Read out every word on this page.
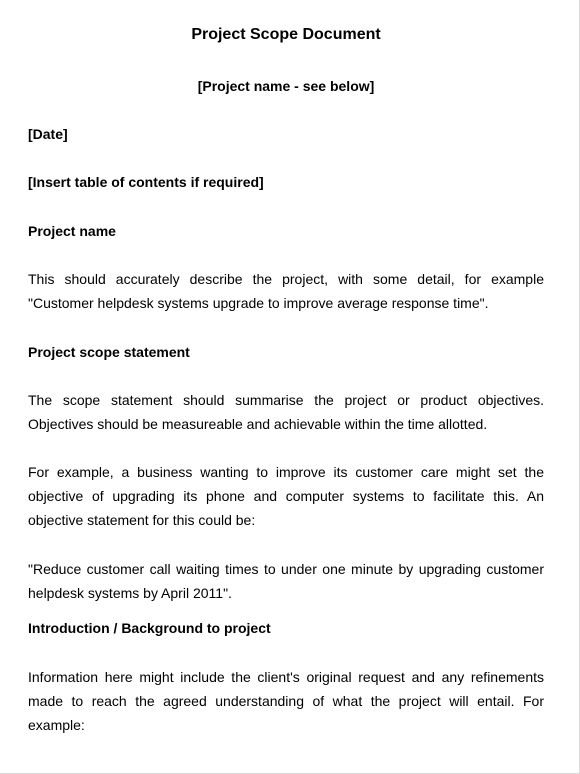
Project Scope Document
[Project name - see below]
[Date]
[Insert table of contents if required]
Project name

This should accurately describe the project, with some detail, for example "Customer helpdesk systems upgrade to improve average response time".

Project scope statement

The scope statement should summarise the project or product objectives. Objectives should be measureable and achievable within the time allotted.

For example, a business wanting to improve its customer care might set the objective of upgrading its phone and computer systems to facilitate this. An objective statement for this could be:

"Reduce customer call waiting times to under one minute by upgrading customer helpdesk systems by April 2011".

Introduction / Background to project

Information here might include the client's original request and any refinements made to reach the agreed understanding of what the project will entail. For example:
